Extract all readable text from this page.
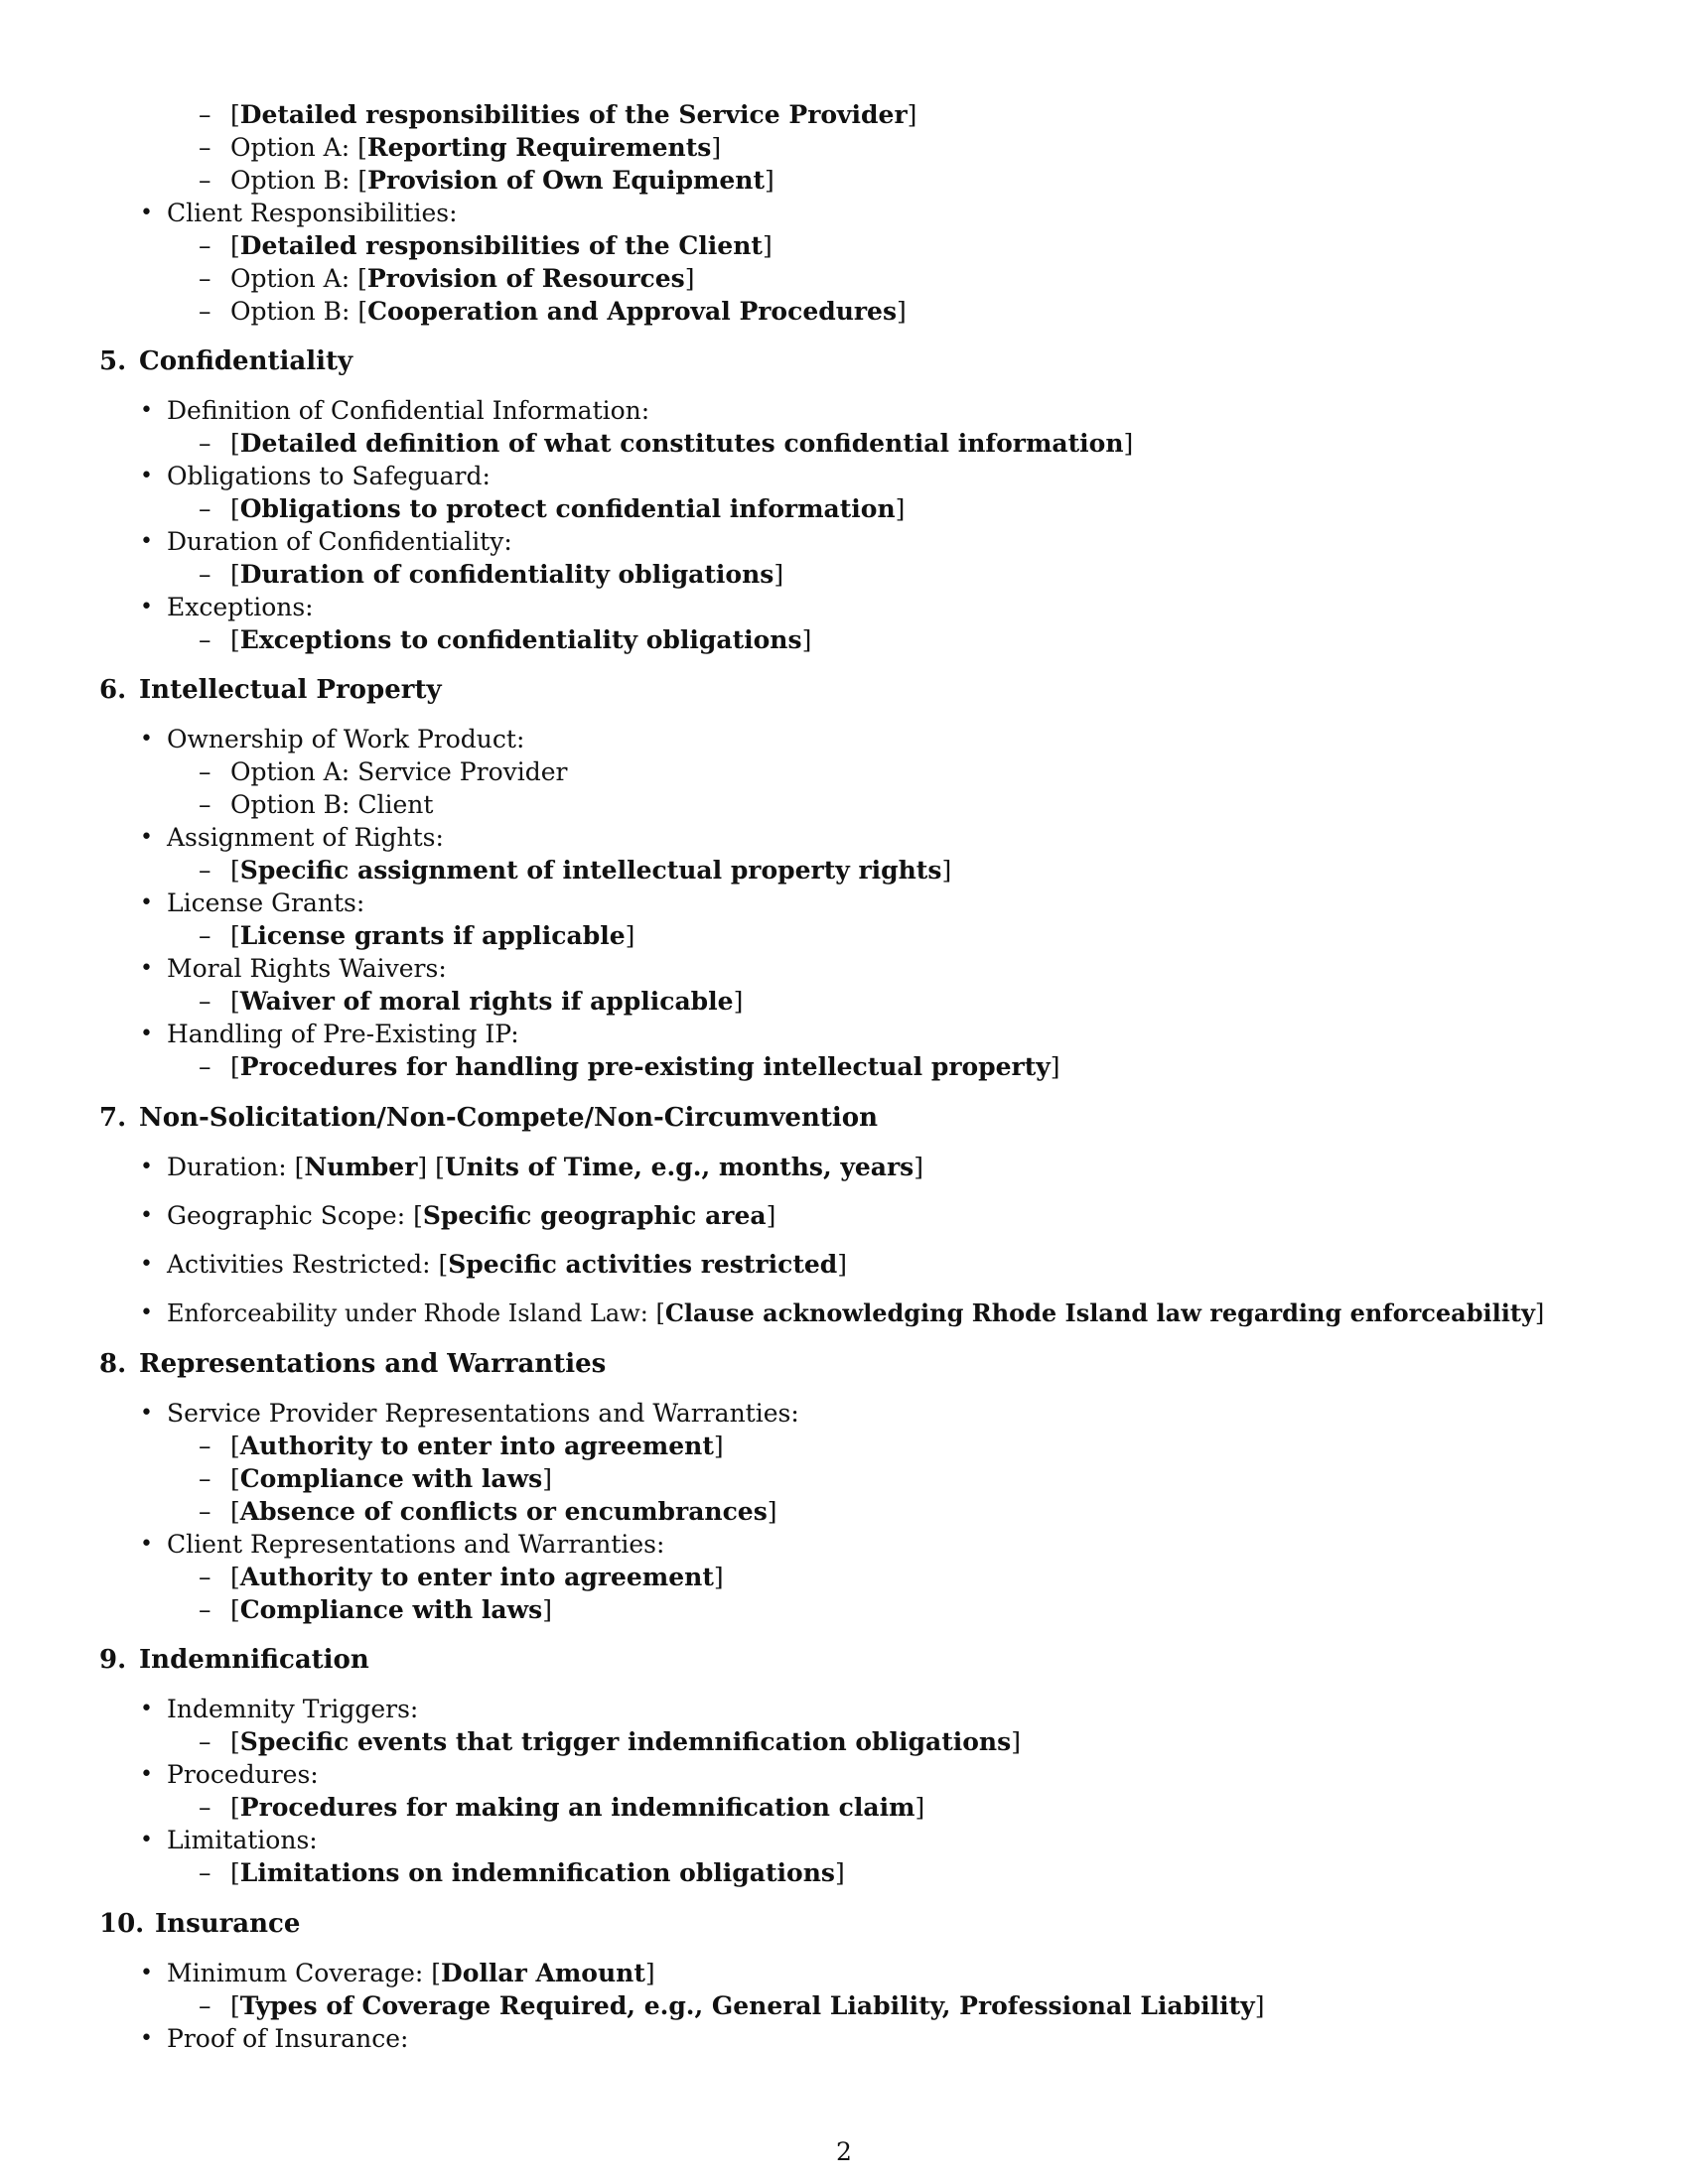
– [Detailed responsibilities of the Service Provider]
– Option A: [Reporting Requirements]
– Option B: [Provision of Own Equipment]
• Client Responsibilities:
– [Detailed responsibilities of the Client]
– Option A: [Provision of Resources]
– Option B: [Cooperation and Approval Procedures]
5. Confidentiality
• Definition of Confidential Information:
– [Detailed definition of what constitutes confidential information]
• Obligations to Safeguard:
– [Obligations to protect confidential information]
• Duration of Confidentiality:
– [Duration of confidentiality obligations]
• Exceptions:
– [Exceptions to confidentiality obligations]
6. Intellectual Property
• Ownership of Work Product:
– Option A: Service Provider
– Option B: Client
• Assignment of Rights:
– [Specific assignment of intellectual property rights]
• License Grants:
– [License grants if applicable]
• Moral Rights Waivers:
– [Waiver of moral rights if applicable]
• Handling of Pre-Existing IP:
– [Procedures for handling pre-existing intellectual property]
7. Non-Solicitation/Non-Compete/Non-Circumvention
• Duration: [Number] [Units of Time, e.g., months, years]
• Geographic Scope: [Specific geographic area]
• Activities Restricted: [Specific activities restricted]
• Enforceability under Rhode Island Law: [Clause acknowledging Rhode Island law regarding enforceability]
8. Representations and Warranties
• Service Provider Representations and Warranties:
– [Authority to enter into agreement]
– [Compliance with laws]
– [Absence of conflicts or encumbrances]
• Client Representations and Warranties:
– [Authority to enter into agreement]
– [Compliance with laws]
9. Indemnification
• Indemnity Triggers:
– [Specific events that trigger indemnification obligations]
• Procedures:
– [Procedures for making an indemnification claim]
• Limitations:
– [Limitations on indemnification obligations]
10. Insurance
• Minimum Coverage: [Dollar Amount]
– [Types of Coverage Required, e.g., General Liability, Professional Liability]
• Proof of Insurance:
2
